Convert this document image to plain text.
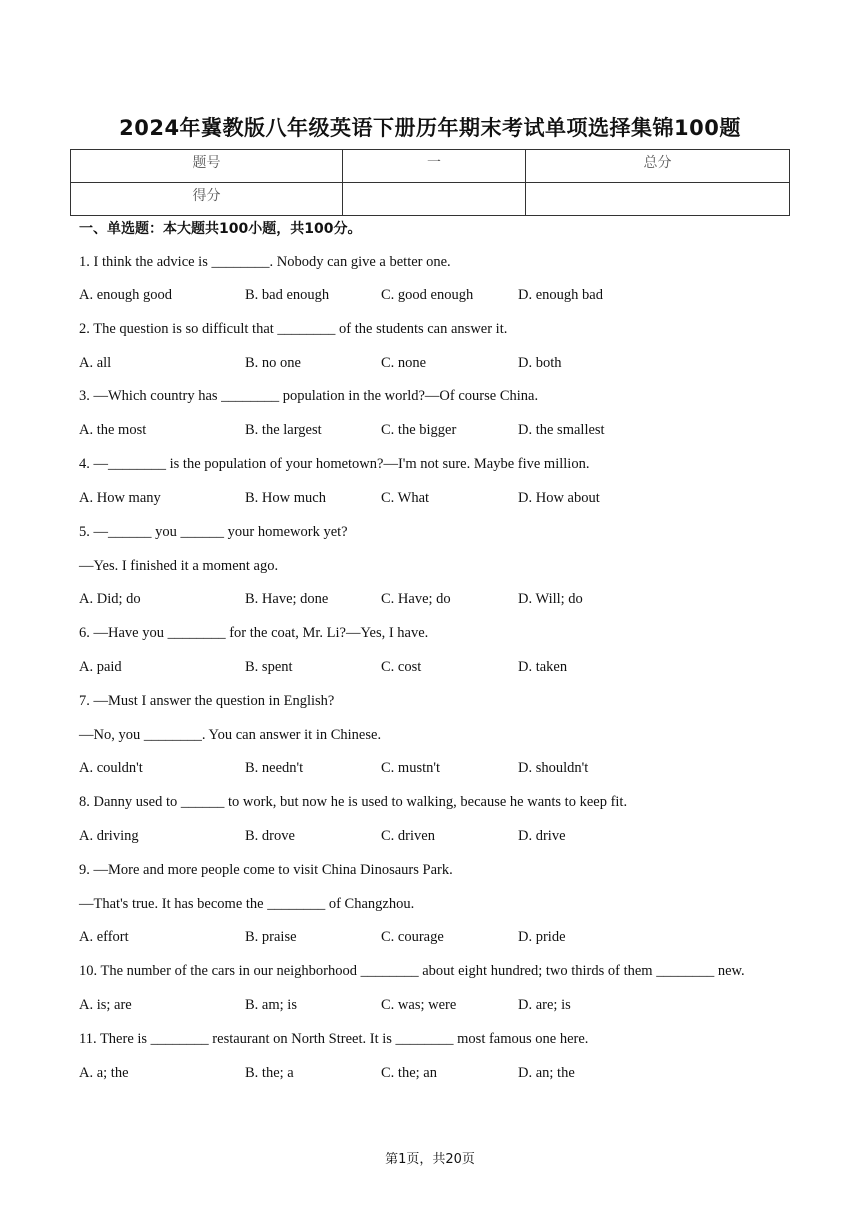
2024年冀教版八年级英语下册历年期末考试单项选择集锦100题
题号	一	总分
得分		
一、单选题：本大题共100小题，共100分。
1. I think the advice is ________. Nobody can give a better one.
A. enough good	B. bad enough	C. good enough	D. enough bad
2. The question is so difficult that ________ of the students can answer it.
A. all	B. no one	C. none	D. both
3. —Which country has ________ population in the world?—Of course China.
A. the most	B. the largest	C. the bigger	D. the smallest
4. —________ is the population of your hometown?—I'm not sure. Maybe five million.
A. How many	B. How much	C. What	D. How about
5. —______ you ______ your homework yet?
—Yes. I finished it a moment ago.
A. Did; do	B. Have; done	C. Have; do	D. Will; do
6. —Have you ________ for the coat, Mr. Li?—Yes, I have.
A. paid	B. spent	C. cost	D. taken
7. —Must I answer the question in English?
—No, you ________. You can answer it in Chinese.
A. couldn't	B. needn't	C. mustn't	D. shouldn't
8. Danny used to ______ to work, but now he is used to walking, because he wants to keep fit.
A. driving	B. drove	C. driven	D. drive
9. —More and more people come to visit China Dinosaurs Park.
—That's true. It has become the ________ of Changzhou.
A. effort	B. praise	C. courage	D. pride
10. The number of the cars in our neighborhood ________ about eight hundred; two thirds of them ________ new.
A. is; are	B. am; is	C. was; were	D. are; is
11. There is ________ restaurant on North Street. It is ________ most famous one here.
A. a; the	B. the; a	C. the; an	D. an; the
第1页，共20页
